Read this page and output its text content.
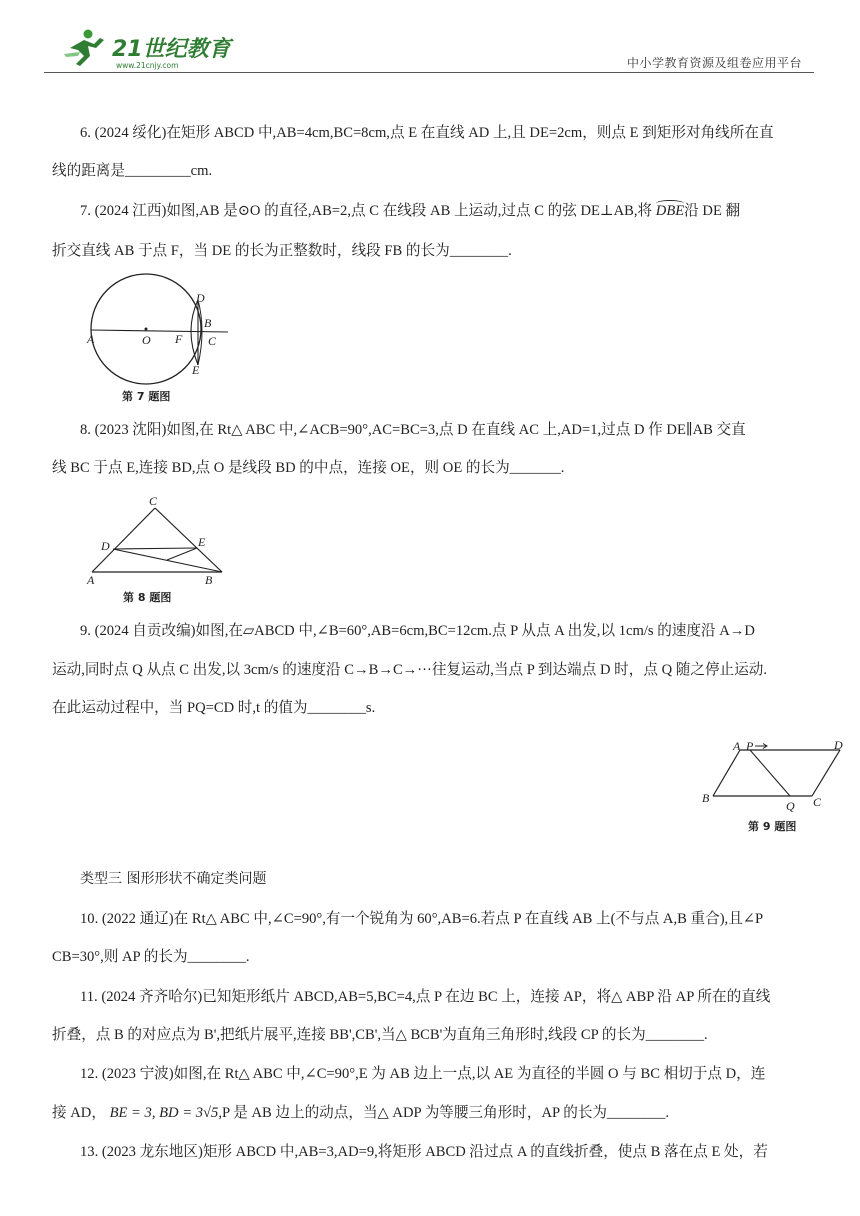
21世纪教育
www.21cnjy.com	中小学教育资源及组卷应用平台
6. (2024 绥化)在矩形 ABCD 中,AB=4cm,BC=8cm,点 E 在直线 AD 上,且 DE=2cm，则点 E 到矩形对角线所在直
线的距离是_________cm.
7. (2024 江西)如图,AB 是⊙O 的直径,AB=2,点 C 在线段 AB 上运动,过点 C 的弦 DE⊥AB,将 DBE
沿 DE 翻
折交直线 AB 于点 F，当 DE 的长为正整数时，线段 FB 的长为________.
A	O F
B
C
D
E
第 7 题图
8. (2023 沈阳)如图,在 Rt△ ABC 中,∠ACB=90°,AC=BC=3,点 D 在直线 AC 上,AD=1,过点 D 作 DE∥AB 交直
线 BC 于点 E,连接 BD,点 O 是线段 BD 的中点，连接 OE，则 OE 的长为_______.
C
D	E
A	B
第 8 题图
9. (2024 自贡改编)如图,在▱ABCD 中,∠B=60°,AB=6cm,BC=12cm.点 P 从点 A 出发,以 1cm/s 的速度沿 A→D
运动,同时点 Q 从点 C 出发,以 3cm/s 的速度沿 C→B→C→···往复运动,当点 P 到达端点 D 时，点 Q 随之停止运动.
在此运动过程中，当 PQ=CD 时,t 的值为________s.
A P	D
B
Q C
第 9 题图
类型三 图形形状不确定类问题
10. (2022 通辽)在 Rt△ ABC 中,∠C=90°,有一个锐角为 60°,AB=6.若点 P 在直线 AB 上(不与点 A,B 重合),且∠P
CB=30°,则 AP 的长为________.
11. (2024 齐齐哈尔)已知矩形纸片 ABCD,AB=5,BC=4,点 P 在边 BC 上，连接 AP，将△ ABP 沿 AP 所在的直线
折叠，点 B 的对应点为 B',把纸片展平,连接 BB',CB',当△ BCB'为直角三角形时,线段 CP 的长为________.
12. (2023 宁波)如图,在 Rt△ ABC 中,∠C=90°,E 为 AB 边上一点,以 AE 为直径的半圆 O 与 BC 相切于点 D，连
接 AD， BE = 3, BD = 3√5,P 是 AB 边上的动点，当△ ADP 为等腰三角形时，AP 的长为________.
13. (2023 龙东地区)矩形 ABCD 中,AB=3,AD=9,将矩形 ABCD 沿过点 A 的直线折叠，使点 B 落在点 E 处，若
